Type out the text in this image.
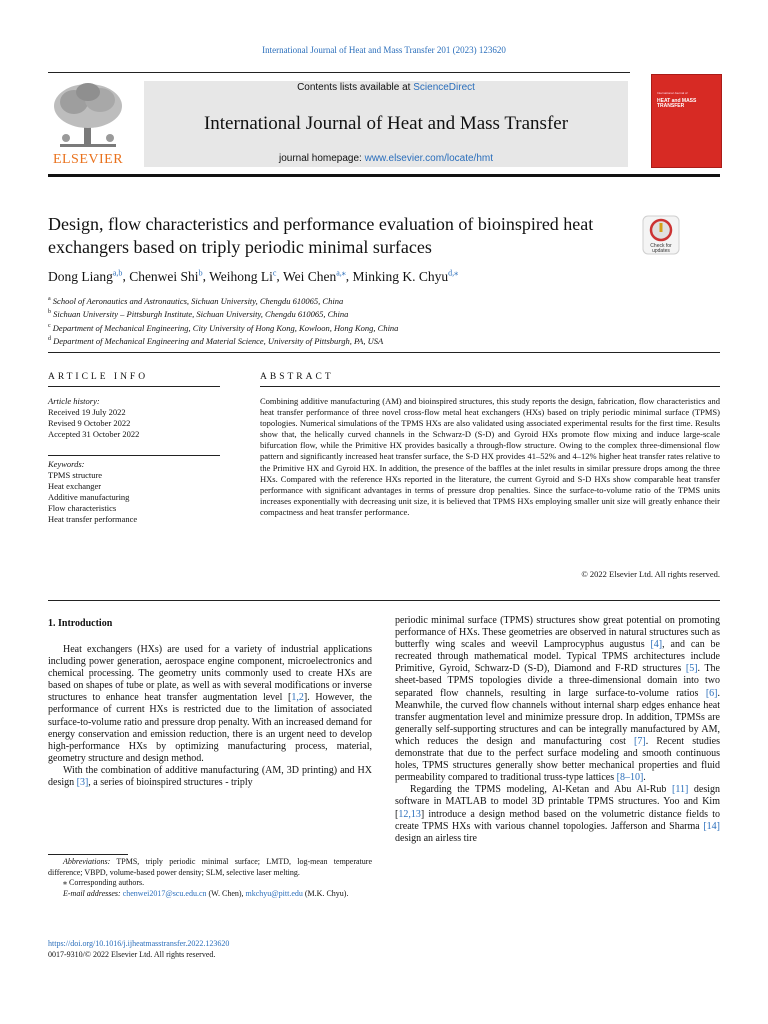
International Journal of Heat and Mass Transfer 201 (2023) 123620
ELSEVIER
Contents lists available at ScienceDirect
International Journal of Heat and Mass Transfer
journal homepage: www.elsevier.com/locate/hmt
International Journal of
HEAT and MASS TRANSFER
Design, flow characteristics and performance evaluation of bioinspired heat exchangers based on triply periodic minimal surfaces	Check for
updates
Dong Liang$^{a,b}$, Chenwei Shi$^b$, Weihong Li$^c$, Wei Chen$^{a,⁎}$, Minking K. Chyu$^{d,⁎}$
$^a$ School of Aeronautics and Astronautics, Sichuan University, Chengdu 610065, China
$^b$ Sichuan University – Pittsburgh Institute, Sichuan University, Chengdu 610065, China
$^c$ Department of Mechanical Engineering, City University of Hong Kong, Kowloon, Hong Kong, China
$^d$ Department of Mechanical Engineering and Material Science, University of Pittsburgh, PA, USA
ARTICLE INFO	ABSTRACT
Article history:
Received 19 July 2022
Revised 9 October 2022
Accepted 31 October 2022
Keywords:
TPMS structure
Heat exchanger
Additive manufacturing
Flow characteristics
Heat transfer performance
Combining additive manufacturing (AM) and bioinspired structures, this study reports the design, fabrication, flow characteristics and heat transfer performance of three novel cross-flow metal heat exchangers (HXs) based on triply periodic minimal surface (TPMS) topologies. Numerical simulations of the TPMS HXs are also validated using associated experimental results for the first time. Results show that, the helically curved channels in the Schwarz-D (S-D) and Gyroid HXs promote flow mixing and induce large-scale bifurcation flow, while the Primitive HX provides basically a through-flow structure. Owing to the complex three-dimensional flow pattern and significantly increased heat transfer surface, the S-D HX provides 41–52% and 4–12% higher heat transfer rates relative to the Primitive HX and Gyroid HX. In addition, the presence of the baffles at the inlet results in similar pressure drops among the three HXs. Compared with the reference HXs reported in the literature, the current Gyroid and S-D HXs show comparable heat transfer performance with significant advantages in terms of pressure drop penalties. Since the surface-to-volume ratio of the TPMS units increases exponentially with decreasing unit size, it is believed that TPMS HXs employing smaller unit size will greatly enhance their compactness and heat transfer performance.
© 2022 Elsevier Ltd. All rights reserved.
1. Introduction

Heat exchangers (HXs) are used for a variety of industrial applications including power generation, aerospace engine component, microelectronics and chemical processing. The geometry units commonly used to create HXs are based on shapes of tube or plate, as well as with several modifications or inverse structures to enhance heat transfer augmentation level [1,2]. However, the performance of current HXs is restricted due to the limitation of associated surface-to-volume ratio and pressure drop penalty. With an increased demand for energy conservation and emission reduction, there is an urgent need to develop high-performance HXs by optimizing manufacturing process, material, geometry structure and design method.

With the combination of additive manufacturing (AM, 3D printing) and HX design [3], a series of bioinspired structures - triply

periodic minimal surface (TPMS) structures show great potential on promoting performance of HXs. These geometries are observed in natural structures such as butterfly wing scales and weevil Lamprocyphus augustus [4], and can be recreated through mathematical model. Typical TPMS architectures include Primitive, Gyroid, Schwarz-D (S-D), Diamond and F-RD structures [5]. The sheet-based TPMS topologies divide a three-dimensional domain into two separated flow channels, resulting in large surface-to-volume ratios [6]. Meanwhile, the curved flow channels without internal sharp edges enhance heat transfer augmentation level and minimize pressure drop. In addition, TPMSs are generally self-supporting structures and can be integrally manufactured by AM, which reduces the design and manufacturing cost [7]. Recent studies demonstrate that due to the perfect surface modeling and smooth continuous holes, TPMS structures generally show better mechanical properties and fluid permeability compared to traditional truss-type lattices [8–10].

Regarding the TPMS modeling, Al-Ketan and Abu Al-Rub [11] design software in MATLAB to model 3D printable TPMS structures. Yoo and Kim [12,13] introduce a design method based on the volumetric distance fields to create TPMS HXs with various channel topologies. Jafferson and Sharma [14] design an airless tire

Abbreviations: TPMS, triply periodic minimal surface; LMTD, log-mean temperature difference; VBPD, volume-based power density; SLM, selective laser melting.

⁎ Corresponding authors.

E-mail addresses: chenwei2017@scu.edu.cn (W. Chen), mkchyu@pitt.edu (M.K. Chyu).

https://doi.org/10.1016/j.ijheatmasstransfer.2022.123620
0017-9310/© 2022 Elsevier Ltd. All rights reserved.
